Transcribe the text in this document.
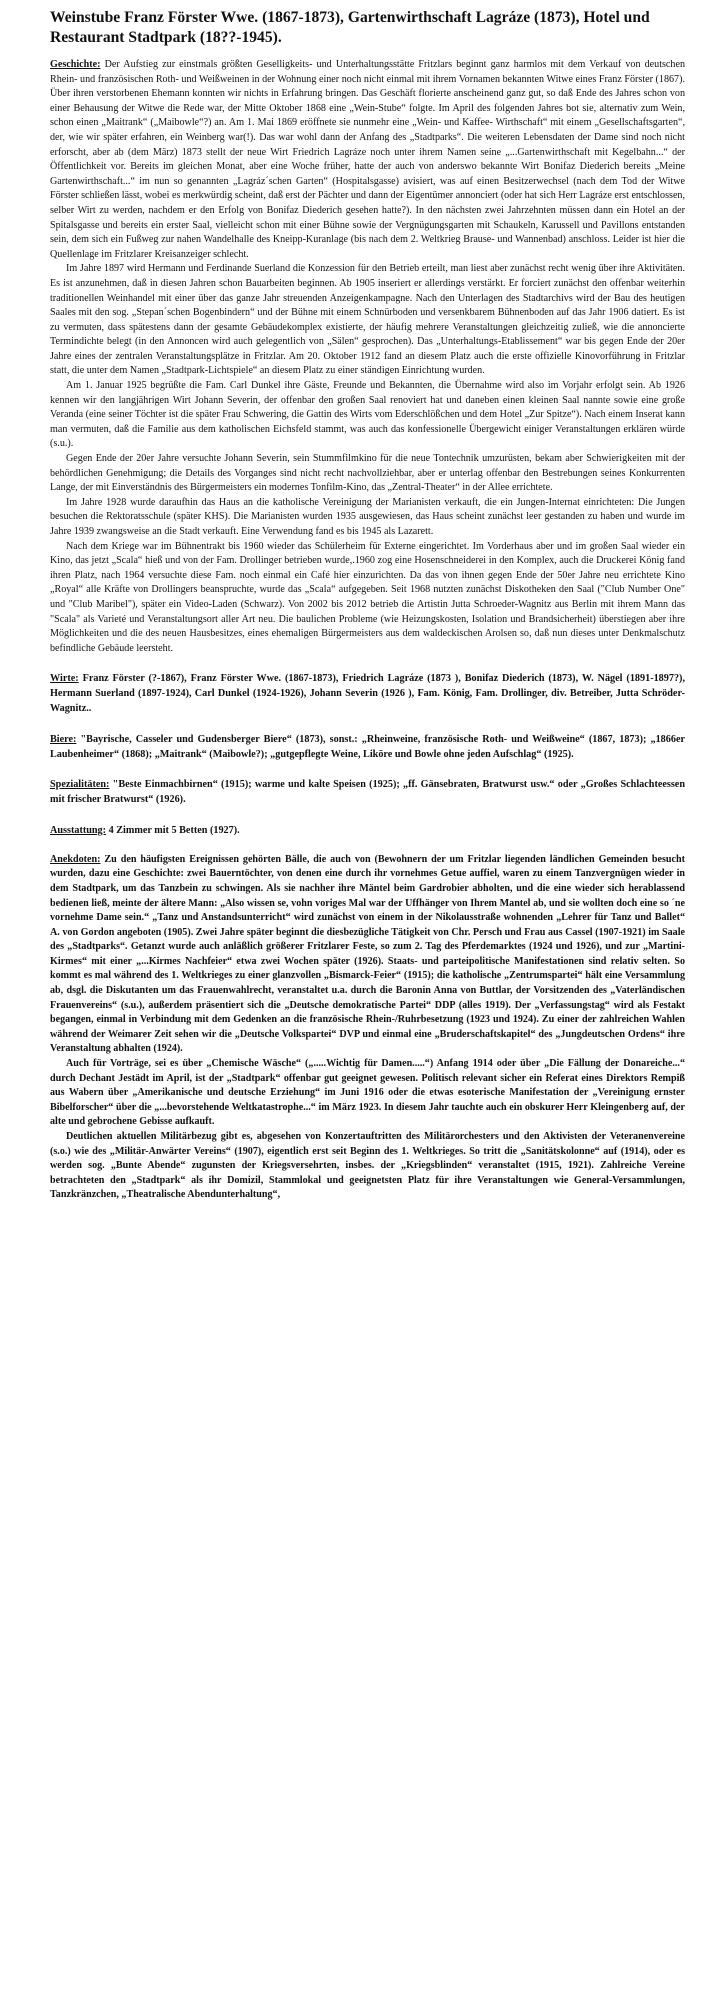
Weinstube Franz Förster Wwe. (1867-1873), Gartenwirthschaft Lagráze (1873), Hotel und Restaurant Stadtpark (18??-1945).

Geschichte: Der Aufstieg zur einstmals größten Geselligkeits- und Unterhaltungsstätte Fritzlars beginnt ganz harmlos mit dem Verkauf von deutschen Rhein- und französischen Roth- und Weißweinen in der Wohnung einer noch nicht einmal mit ihrem Vornamen bekannten Witwe eines Franz Förster (1867). Über ihren verstorbenen Ehemann konnten wir nichts in Erfahrung bringen. Das Geschäft florierte anscheinend ganz gut, so daß Ende des Jahres schon von einer Behausung der Witwe die Rede war, der Mitte Oktober 1868 eine „Wein-Stube“ folgte. Im April des folgenden Jahres bot sie, alternativ zum Wein, schon einen „Maitrank“ („Maibowle“?) an. Am 1. Mai 1869 eröffnete sie nunmehr eine „Wein- und Kaffee- Wirthschaft“ mit einem „Gesellschaftsgarten“, der, wie wir später erfahren, ein Weinberg war(!). Das war wohl dann der Anfang des „Stadtparks“. Die weiteren Lebensdaten der Dame sind noch nicht erforscht, aber ab (dem März) 1873 stellt der neue Wirt Friedrich Lagráze noch unter ihrem Namen seine „...Gartenwirthschaft mit Kegelbahn...“ der Öffentlichkeit vor. Bereits im gleichen Monat, aber eine Woche früher, hatte der auch von anderswo bekannte Wirt Bonifaz Diederich bereits „Meine Gartenwirthschaft...“ im nun so genannten „Lagráz´schen Garten“ (Hospitalsgasse) avisiert, was auf einen Besitzerwechsel (nach dem Tod der Witwe Förster schließen lässt, wobei es merkwürdig scheint, daß erst der Pächter und dann der Eigentümer annonciert (oder hat sich Herr Lagráze erst entschlossen, selber Wirt zu werden, nachdem er den Erfolg von Bonifaz Diederich gesehen hatte?). In den nächsten zwei Jahrzehnten müssen dann ein Hotel an der Spitalsgasse und bereits ein erster Saal, vielleicht schon mit einer Bühne sowie der Vergnügungsgarten mit Schaukeln, Karussell und Pavillons entstanden sein, dem sich ein Fußweg zur nahen Wandelhalle des Kneipp-Kuranlage (bis nach dem 2. Weltkrieg Brause- und Wannenbad) anschloss. Leider ist hier die Quellenlage im Fritzlarer Kreisanzeiger schlecht.

Im Jahre 1897 wird Hermann und Ferdinande Suerland die Konzession für den Betrieb erteilt, man liest aber zunächst recht wenig über ihre Aktivitäten. Es ist anzunehmen, daß in diesen Jahren schon Bauarbeiten beginnen. Ab 1905 inseriert er allerdings verstärkt. Er forciert zunächst den offenbar weiterhin traditionellen Weinhandel mit einer über das ganze Jahr streuenden Anzeigenkampagne. Nach den Unterlagen des Stadtarchivs wird der Bau des heutigen Saales mit den sog. „Stepan´schen Bogenbindern“ und der Bühne mit einem Schnürboden und versenkbarem Bühnenboden auf das Jahr 1906 datiert. Es ist zu vermuten, dass spätestens dann der gesamte Gebäudekomplex existierte, der häufig mehrere Veranstaltungen gleichzeitig zuließ, wie die annoncierte Termindichte belegt (in den Annoncen wird auch gelegentlich von „Sälen“ gesprochen). Das „Unterhaltungs-Etablissement“ war bis gegen Ende der 20er Jahre eines der zentralen Veranstaltungsplätze in Fritzlar. Am 20. Oktober 1912 fand an diesem Platz auch die erste offizielle Kinovorführung in Fritzlar statt, die unter dem Namen „Stadtpark-Lichtspiele“ an diesem Platz zu einer ständigen Einrichtung wurden.

Am 1. Januar 1925 begrüßte die Fam. Carl Dunkel ihre Gäste, Freunde und Bekannten, die Übernahme wird also im Vorjahr erfolgt sein. Ab 1926 kennen wir den langjährigen Wirt Johann Severin, der offenbar den großen Saal renoviert hat und daneben einen kleinen Saal nannte sowie eine große Veranda (eine seiner Töchter ist die später Frau Schwering, die Gattin des Wirts vom Ederschlößchen und dem Hotel „Zur Spitze“). Nach einem Inserat kann man vermuten, daß die Familie aus dem katholischen Eichsfeld stammt, was auch das konfessionelle Übergewicht einiger Veranstaltungen erklären würde (s.u.).

Gegen Ende der 20er Jahre versuchte Johann Severin, sein Stummfilmkino für die neue Tontechnik umzurüsten, bekam aber Schwierigkeiten mit der behördlichen Genehmigung; die Details des Vorganges sind nicht recht nachvollziehbar, aber er unterlag offenbar den Bestrebungen seines Konkurrenten Lange, der mit Einverständnis des Bürgermeisters ein modernes Tonfilm-Kino, das „Zentral-Theater“ in der Allee errichtete.

Im Jahre 1928 wurde daraufhin das Haus an die katholische Vereinigung der Marianisten verkauft, die ein Jungen-Internat einrichteten: Die Jungen besuchen die Rektoratsschule (später KHS). Die Marianisten wurden 1935 ausgewiesen, das Haus scheint zunächst leer gestanden zu haben und wurde im Jahre 1939 zwangsweise an die Stadt verkauft. Eine Verwendung fand es bis 1945 als Lazarett.

Nach dem Kriege war im Bühnentrakt bis 1960 wieder das Schülerheim für Externe eingerichtet. Im Vorderhaus aber und im großen Saal wieder ein Kino, das jetzt „Scala“ hieß und von der Fam. Drollinger betrieben wurde,.1960 zog eine Hosenschneiderei in den Komplex, auch die Druckerei König fand ihren Platz, nach 1964 versuchte diese Fam. noch einmal ein Café hier einzurichten. Da das von ihnen gegen Ende der 50er Jahre neu errichtete Kino „Royal“ alle Kräfte von Drollingers beanspruchte, wurde das „Scala“ aufgegeben. Seit 1968 nutzten zunächst Diskotheken den Saal ("Club Number One" und "Club Maribel"), später ein Video-Laden (Schwarz). Von 2002 bis 2012 betrieb die Artistin Jutta Schroeder-Wagnitz aus Berlin mit ihrem Mann das "Scala" als Varieté und Veranstaltungsort aller Art neu. Die baulichen Probleme (wie Heizungskosten, Isolation und Brandsicherheit) überstiegen aber ihre Möglichkeiten und die des neuen Hausbesitzes, eines ehemaligen Bürgermeisters aus dem waldeckischen Arolsen so, daß nun dieses unter Denkmalschutz befindliche Gebäude leersteht.

Wirte: Franz Förster (?-1867), Franz Förster Wwe. (1867-1873), Friedrich Lagráze (1873 ), Bonifaz Diederich (1873), W. Nägel (1891-1897?), Hermann Suerland (1897-1924), Carl Dunkel (1924-1926), Johann Severin (1926 ), Fam. König, Fam. Drollinger, div. Betreiber, Jutta Schröder-Wagnitz..

Biere: "Bayrische, Casseler und Gudensberger Biere“ (1873), sonst.: „Rheinweine, französische Roth- und Weißweine“ (1867, 1873); „1866er Laubenheimer“ (1868); „Maitrank“ (Maibowle?); „gutgepflegte Weine, Likōre und Bowle ohne jeden Aufschlag“ (1925).

Spezialitäten: "Beste Einmachbirnen“ (1915); warme und kalte Speisen (1925); „ff. Gänsebraten, Bratwurst usw.“ oder „Großes Schlachteessen mit frischer Bratwurst“ (1926).

Ausstattung: 4 Zimmer mit 5 Betten (1927).

Anekdoten: Zu den häufigsten Ereignissen gehörten Bälle, die auch von (Bewohnern der um Fritzlar liegenden ländlichen Gemeinden besucht wurden, dazu eine Geschichte: zwei Bauerntöchter, von denen eine durch ihr vornehmes Getue auffiel, waren zu einem Tanzvergnügen wieder in dem Stadtpark, um das Tanzbein zu schwingen. Als sie nachher ihre Mäntel beim Gardrobier abholten, und die eine wieder sich herablassend bedienen ließ, meinte der ältere Mann: „Also wissen se, vohn voriges Mal war der Uffhänger von Ihrem Mantel ab, und sie wollten doch eine so ´ne vornehme Dame sein.“ „Tanz und Anstandsunterricht“ wird zunächst von einem in der Nikolausstraße wohnenden „Lehrer für Tanz und Ballet“ A. von Gordon angeboten (1905). Zwei Jahre später beginnt die diesbezügliche Tätigkeit von Chr. Persch und Frau aus Cassel (1907-1921) im Saale des „Stadtparks“. Getanzt wurde auch anläßlich größerer Fritzlarer Feste, so zum 2. Tag des Pferdemarktes (1924 und 1926), und zur „Martini-Kirmes“ mit einer „...Kirmes Nachfeier“ etwa zwei Wochen später (1926). Staats- und parteipolitische Manifestationen sind relativ selten. So kommt es mal während des 1. Weltkrieges zu einer glanzvollen „Bismarck-Feier“ (1915); die katholische „Zentrumspartei“ hält eine Versammlung ab, dsgl. die Diskutanten um das Frauenwahlrecht, veranstaltet u.a. durch die Baronin Anna von Buttlar, der Vorsitzenden des „Vaterländischen Frauenvereins“ (s.u.), außerdem präsentiert sich die „Deutsche demokratische Partei“ DDP (alles 1919). Der „Verfassungstag“ wird als Festakt begangen, einmal in Verbindung mit dem Gedenken an die französische Rhein-/Ruhrbesetzung (1923 und 1924). Zu einer der zahlreichen Wahlen während der Weimarer Zeit sehen wir die „Deutsche Volkspartei“ DVP und einmal eine „Bruderschaftskapitel“ des „Jungdeutschen Ordens“ ihre Veranstaltung abhalten (1924).

Auch für Vorträge, sei es über „Chemische Wäsche“ („.....Wichtig für Damen.....“) Anfang 1914 oder über „Die Fällung der Donareiche...“ durch Dechant Jestädt im April, ist der „Stadtpark“ offenbar gut geeignet gewesen. Politisch relevant sicher ein Referat eines Direktors Rempiß aus Wabern über „Amerikanische und deutsche Erziehung“ im Juni 1916 oder die etwas esoterische Manifestation der „Vereinigung ernster Bibelforscher“ über die „...bevorstehende Weltkatastrophe...“ im März 1923. In diesem Jahr tauchte auch ein obskurer Herr Kleingenberg auf, der alte und gebrochene Gebisse aufkauft.

Deutlichen aktuellen Militärbezug gibt es, abgesehen von Konzertauftritten des Militärorchesters und den Aktivisten der Veteranenvereine (s.o.) wie des „Militär-Anwärter Vereins“ (1907), eigentlich erst seit Beginn des 1. Weltkrieges. So tritt die „Sanitätskolonne“ auf (1914), oder es werden sog. „Bunte Abende“ zugunsten der Kriegsversehrten, insbes. der „Kriegsblinden“ veranstaltet (1915, 1921). Zahlreiche Vereine betrachteten den „Stadtpark“ als ihr Domizil, Stammlokal und geeignetsten Platz für ihre Veranstaltungen wie General-Versammlungen, Tanzkränzchen, „Theatralische Abendunterhaltung“,
